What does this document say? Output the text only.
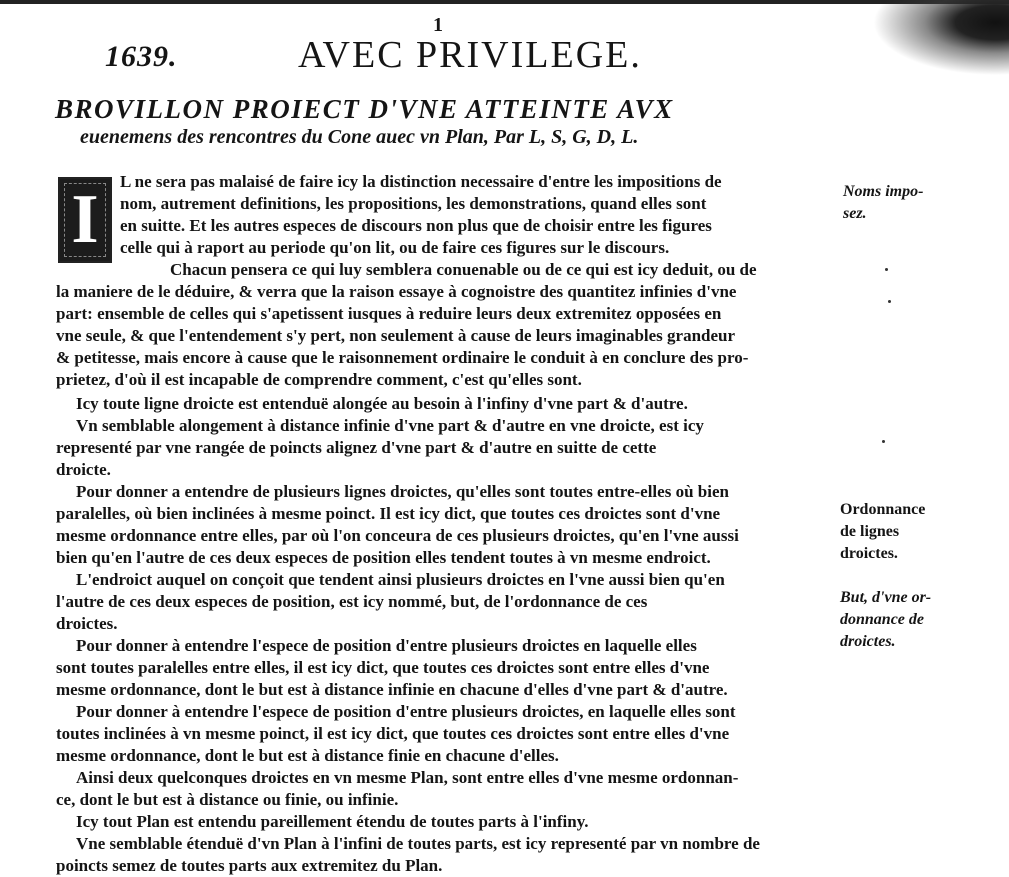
1
1639.	AVEC PRIVILEGE.
BROVILLON PROIECT D'VNE ATTEINTE AVX
euenemens des rencontres du Cone auec vn Plan, Par L, S, G, D, L.
I L ne sera pas malaisé de faire icy la distinction necessaire d'entre les impositions de
nom, autrement definitions, les propositions, les demonstrations, quand elles sont
en suitte. Et les autres especes de discours non plus que de choisir entre les figures
celle qui à raport au periode qu'on lit, ou de faire ces figures sur le discours.
Chacun pensera ce qui luy semblera conuenable ou de ce qui est icy deduit, ou de
la maniere de le déduire, & verra que la raison essaye à cognoistre des quantitez infinies d'vne
part: ensemble de celles qui s'apetissent iusques à reduire leurs deux extremitez opposées en
vne seule, & que l'entendement s'y pert, non seulement à cause de leurs imaginables grandeur
& petitesse, mais encore à cause que le raisonnement ordinaire le conduit à en conclure des pro-
prietez, d'où il est incapable de comprendre comment, c'est qu'elles sont.
Icy toute ligne droicte est entenduë alongée au besoin à l'infiny d'vne part & d'autre.
Vn semblable alongement à distance infinie d'vne part & d'autre en vne droicte, est icy
representé par vne rangée de poincts alignez d'vne part & d'autre en suitte de cette
droicte.
Pour donner a entendre de plusieurs lignes droictes, qu'elles sont toutes entre-elles où bien
paralelles, où bien inclinées à mesme poinct. Il est icy dict, que toutes ces droictes sont d'vne
mesme ordonnance entre elles, par où l'on conceura de ces plusieurs droictes, qu'en l'vne aussi
bien qu'en l'autre de ces deux especes de position elles tendent toutes à vn mesme endroict.
L'endroict auquel on conçoit que tendent ainsi plusieurs droictes en l'vne aussi bien qu'en
l'autre de ces deux especes de position, est icy nommé, but, de l'ordonnance de ces
droictes.
Pour donner à entendre l'espece de position d'entre plusieurs droictes en laquelle elles
sont toutes paralelles entre elles, il est icy dict, que toutes ces droictes sont entre elles d'vne
mesme ordonnance, dont le but est à distance infinie en chacune d'elles d'vne part & d'autre.
Pour donner à entendre l'espece de position d'entre plusieurs droictes, en laquelle elles sont
toutes inclinées à vn mesme poinct, il est icy dict, que toutes ces droictes sont entre elles d'vne
mesme ordonnance, dont le but est à distance finie en chacune d'elles.
Ainsi deux quelconques droictes en vn mesme Plan, sont entre elles d'vne mesme ordonnan-
ce, dont le but est à distance ou finie, ou infinie.
Icy tout Plan est entendu pareillement étendu de toutes parts à l'infiny.
Vne semblable étenduë d'vn Plan à l'infini de toutes parts, est icy representé par vn nombre de
poincts semez de toutes parts aux extremitez du Plan.
Noms impo-
sez.
Ordonnance
de lignes
droictes.
But, d'vne or-
donnance de
droictes.
